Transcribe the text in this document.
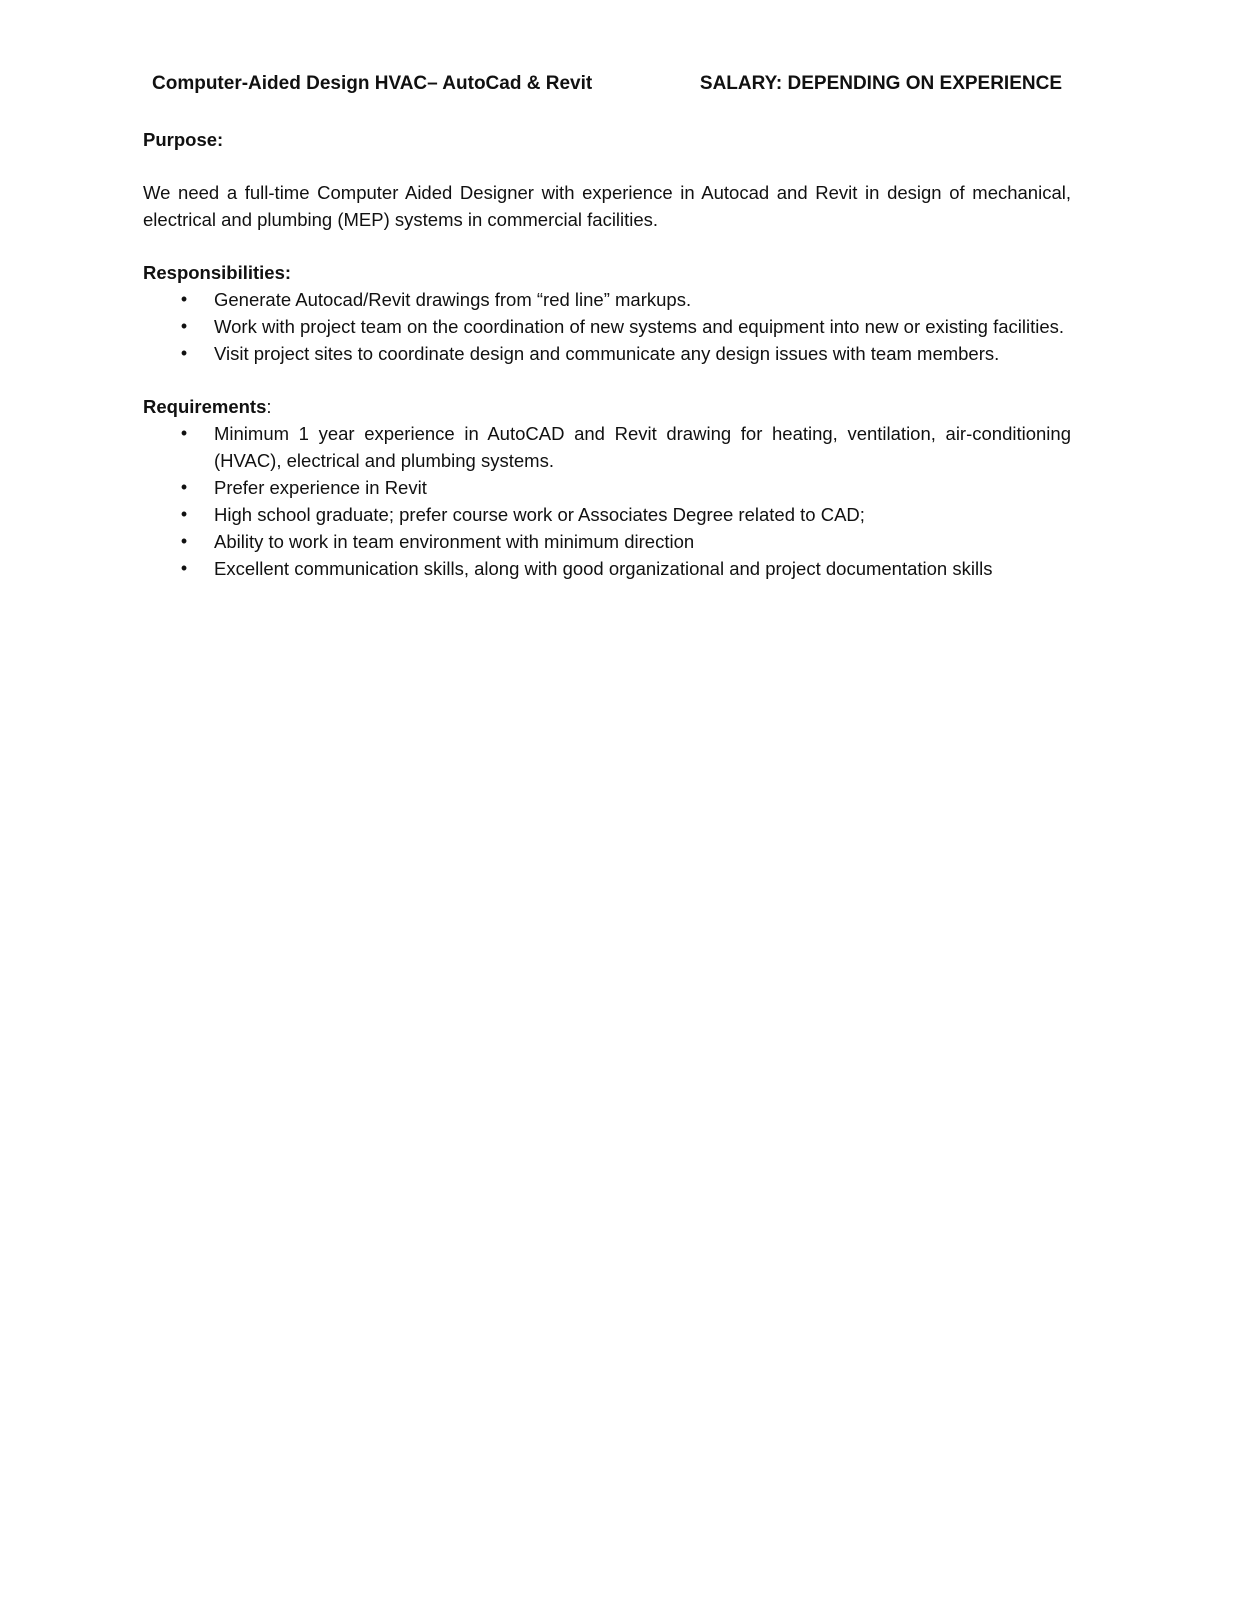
Computer-Aided Design HVAC– AutoCad & Revit	SALARY: DEPENDING ON EXPERIENCE

Purpose:

We need a full-time Computer Aided Designer with experience in Autocad and Revit in design of mechanical, electrical and plumbing (MEP) systems in commercial facilities.

Responsibilities:

• Generate Autocad/Revit drawings from “red line” markups.
• Work with project team on the coordination of new systems and equipment into new or existing facilities.
• Visit project sites to coordinate design and communicate any design issues with team members.

Requirements:

• Minimum 1 year experience in AutoCAD and Revit drawing for heating, ventilation, air-conditioning (HVAC), electrical and plumbing systems.
• Prefer experience in Revit
• High school graduate; prefer course work or Associates Degree related to CAD;
• Ability to work in team environment with minimum direction
• Excellent communication skills, along with good organizational and project documentation skills
